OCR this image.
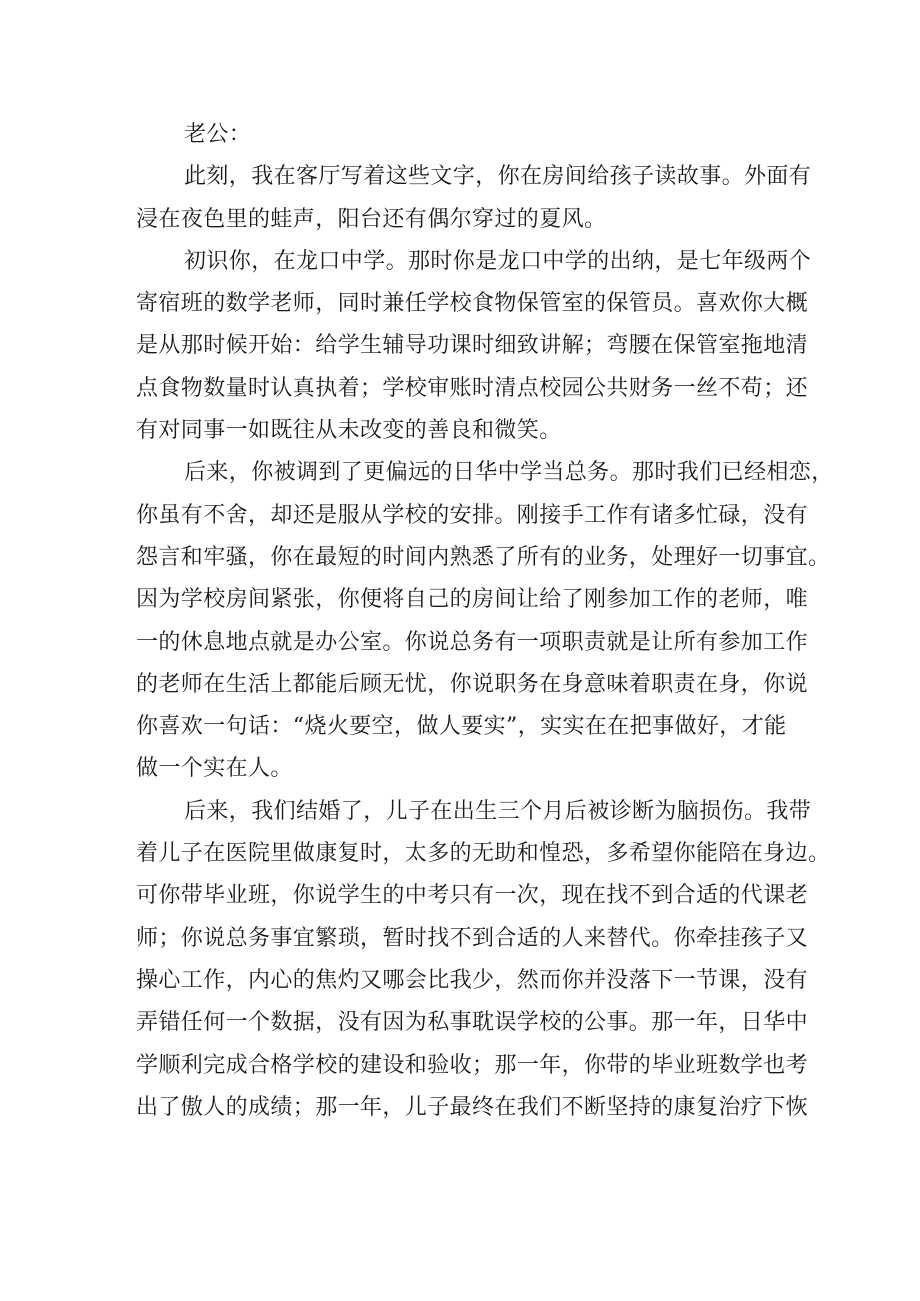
老公：
此刻，我在客厅写着这些文字，你在房间给孩子读故事。外面有
浸在夜色里的蛙声，阳台还有偶尔穿过的夏风。
初识你，在龙口中学。那时你是龙口中学的出纳，是七年级两个
寄宿班的数学老师，同时兼任学校食物保管室的保管员。喜欢你大概
是从那时候开始：给学生辅导功课时细致讲解；弯腰在保管室拖地清
点食物数量时认真执着；学校审账时清点校园公共财务一丝不苟；还
有对同事一如既往从未改变的善良和微笑。
后来，你被调到了更偏远的日华中学当总务。那时我们已经相恋，
你虽有不舍，却还是服从学校的安排。刚接手工作有诸多忙碌，没有
怨言和牢骚，你在最短的时间内熟悉了所有的业务，处理好一切事宜。
因为学校房间紧张，你便将自己的房间让给了刚参加工作的老师，唯
一的休息地点就是办公室。你说总务有一项职责就是让所有参加工作
的老师在生活上都能后顾无忧，你说职务在身意味着职责在身，你说
你喜欢一句话：“烧火要空，做人要实”，实实在在把事做好，才能
做一个实在人。
后来，我们结婚了，儿子在出生三个月后被诊断为脑损伤。我带
着儿子在医院里做康复时，太多的无助和惶恐，多希望你能陪在身边。
可你带毕业班，你说学生的中考只有一次，现在找不到合适的代课老
师；你说总务事宜繁琐，暂时找不到合适的人来替代。你牵挂孩子又
操心工作，内心的焦灼又哪会比我少，然而你并没落下一节课，没有
弄错任何一个数据，没有因为私事耽误学校的公事。那一年，日华中
学顺利完成合格学校的建设和验收；那一年，你带的毕业班数学也考
出了傲人的成绩；那一年，儿子最终在我们不断坚持的康复治疗下恢
